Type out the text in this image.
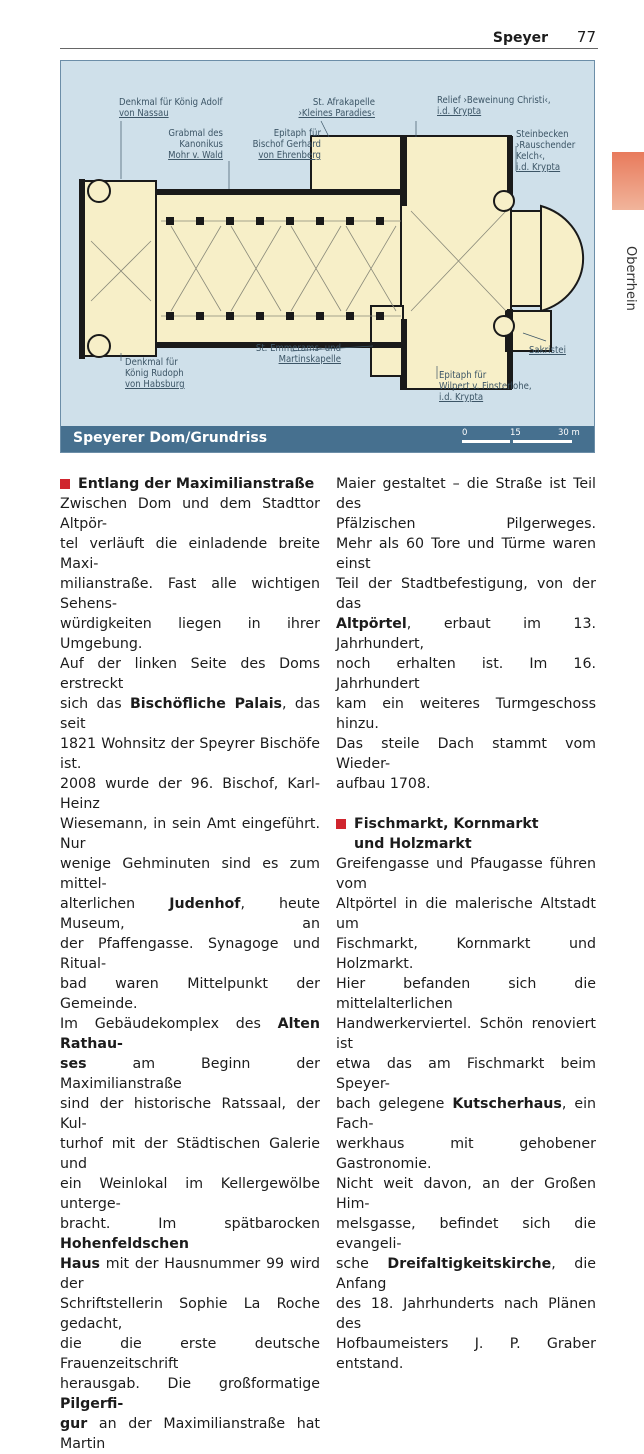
Speyer 77
Oberrhein
Denkmal für König Adolf
von Nassau
Grabmal des
Kanonikus
Mohr v. Wald
St. Afrakapelle
›Kleines Paradies‹
Epitaph für
Bischof Gerhard
von Ehrenberg
Relief ›Beweinung Christi‹,
i.d. Krypta
Steinbecken
›Rauschender
Kelch‹,
i.d. Krypta
Denkmal für
König Rudoph
von Habsburg
St. Emmerams- und
Martinskapelle
Sakristei
Epitaph für
Wilpert v. Finsterlohe,
i.d. Krypta
Speyerer Dom/Grundriss	0	15	30 m

Entlang der Maximilianstraße

Zwischen Dom und dem Stadttor Altpör-
tel verläuft die einladende breite Maxi-
milianstraße. Fast alle wichtigen Sehens-
würdigkeiten liegen in ihrer Umgebung.
Auf der linken Seite des Doms erstreckt
sich das Bischöfliche Palais, das seit
1821 Wohnsitz der Speyrer Bischöfe ist.
2008 wurde der 96. Bischof, Karl-Heinz
Wiesemann, in sein Amt eingeführt. Nur
wenige Gehminuten sind es zum mittel-
alterlichen Judenhof, heute Museum, an
der Pfaffengasse. Synagoge und Ritual-
bad waren Mittelpunkt der Gemeinde.
Im Gebäudekomplex des Alten Rathau-
ses am Beginn der Maximilianstraße
sind der historische Ratssaal, der Kul-
turhof mit der Städtischen Galerie und
ein Weinlokal im Kellergewölbe unterge-
bracht. Im spätbarocken Hohenfeldschen
Haus mit der Hausnummer 99 wird der
Schriftstellerin Sophie La Roche gedacht,
die die erste deutsche Frauenzeitschrift
herausgab. Die großformatige Pilgerfi-
gur an der Maximilianstraße hat Martin

Maier gestaltet – die Straße ist Teil des
Pfälzischen Pilgerweges.
Mehr als 60 Tore und Türme waren einst
Teil der Stadtbefestigung, von der das
Altpörtel, erbaut im 13. Jahrhundert,
noch erhalten ist. Im 16. Jahrhundert
kam ein weiteres Turmgeschoss hinzu.
Das steile Dach stammt vom Wieder-
aufbau 1708.

Fischmarkt, Kornmarkt
und Holzmarkt

Greifengasse und Pfaugasse führen vom
Altpörtel in die malerische Altstadt um
Fischmarkt, Kornmarkt und Holzmarkt.
Hier befanden sich die mittelalterlichen
Handwerkerviertel. Schön renoviert ist
etwa das am Fischmarkt beim Speyer-
bach gelegene Kutscherhaus, ein Fach-
werkhaus mit gehobener Gastronomie.
Nicht weit davon, an der Großen Him-
melsgasse, befindet sich die evangeli-
sche Dreifaltigkeitskirche, die Anfang
des 18. Jahrhunderts nach Plänen des
Hofbaumeisters J. P. Graber entstand.
